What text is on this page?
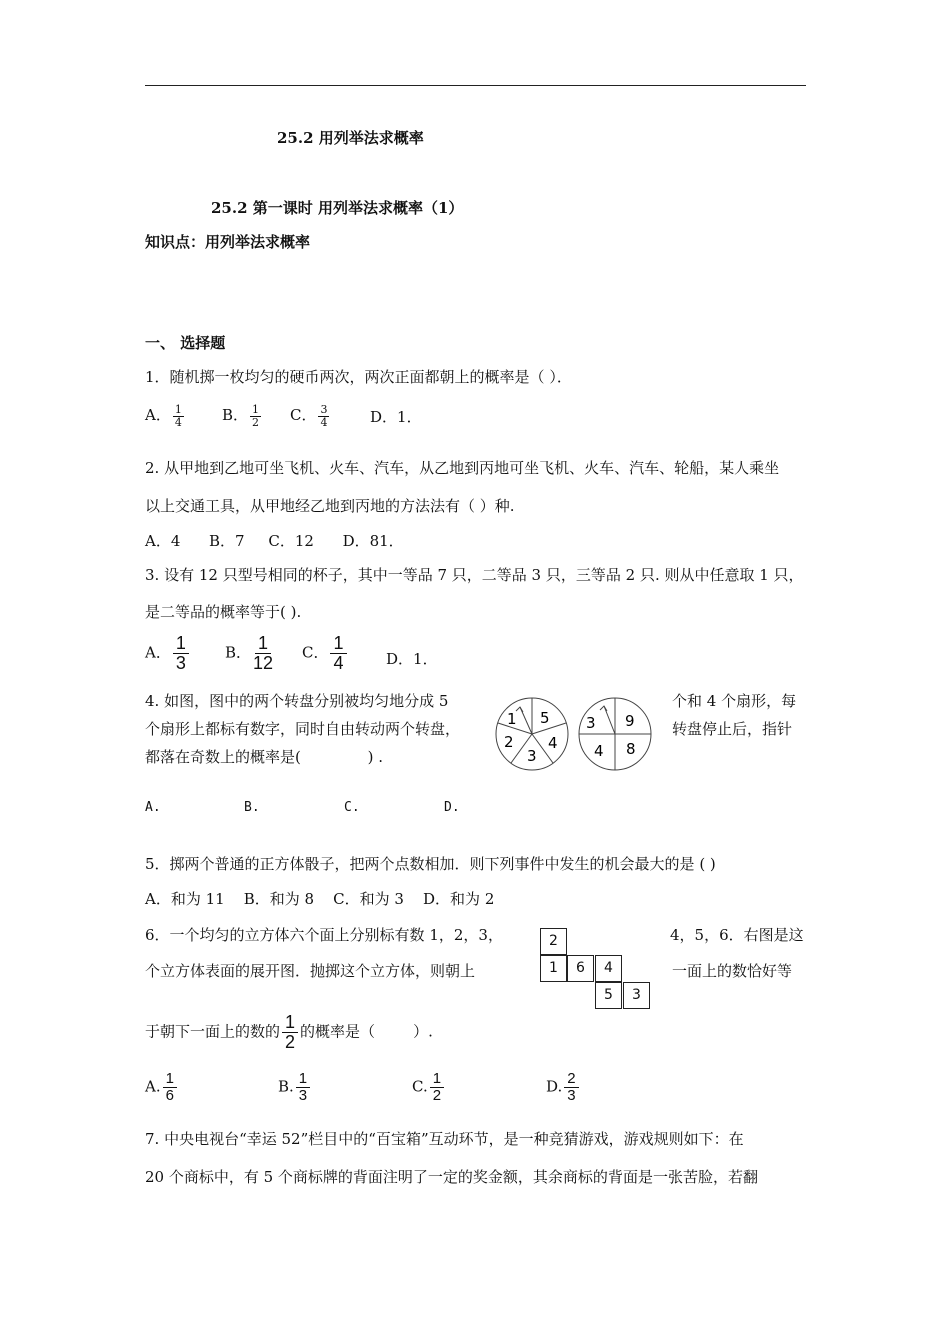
25.2 用列举法求概率
25.2 第一课时 用列举法求概率（1）
知识点：用列举法求概率
一、 选择题
1．随机掷一枚均匀的硬币两次，两次正面都朝上的概率是（ ）．
A． $\frac{1}{4}$	B． $\frac{1}{2}$ C． $\frac{3}{4}$	D．1．
2. 从甲地到乙地可坐飞机、火车、汽车，从乙地到丙地可坐飞机、火车、汽车、轮船，某人乘坐
以上交通工具，从甲地经乙地到丙地的方法法有（ ）种.
A．4      B．7     C．12      D．81．
3. 设有 12 只型号相同的杯子，其中一等品 7 只，二等品 3 只，三等品 2 只. 则从中任意取 1 只，
是二等品的概率等于( ).
A． $\frac{1}{3}$ B． $\frac{1}{12}$ C． $\frac{1}{4}$	D．1．
4. 如图，图中的两个转盘分别被均匀地分成 5
个扇形上都标有数字，同时自由转动两个转盘，
都落在奇数上的概率是(              ) .
个和 4 个扇形，每
转盘停止后，指针
1 5
2 4
3
3 9
4 8
A.	B.	C.	D.
5．掷两个普通的正方体骰子，把两个点数相加．则下列事件中发生的机会最大的是 ( )
A．和为 11    B．和为 8    C．和为 3    D．和为 2
6．一个均匀的立方体六个面上分别标有数 1，2，3，
个立方体表面的展开图．抛掷这个立方体，则朝上
4，5，6．右图是这
一面上的数恰好等
2
1	6	4
5	3
于朝下一面上的数的 $\frac{1}{2}$ 的概率是（        ）.
A. $\frac{1}{6}$	B. $\frac{1}{3}$	C. $\frac{1}{2}$	D. $\frac{2}{3}$
7. 中央电视台“幸运 52”栏目中的“百宝箱”互动环节，是一种竞猜游戏，游戏规则如下：在
20 个商标中，有 5 个商标牌的背面注明了一定的奖金额，其余商标的背面是一张苦脸，若翻
